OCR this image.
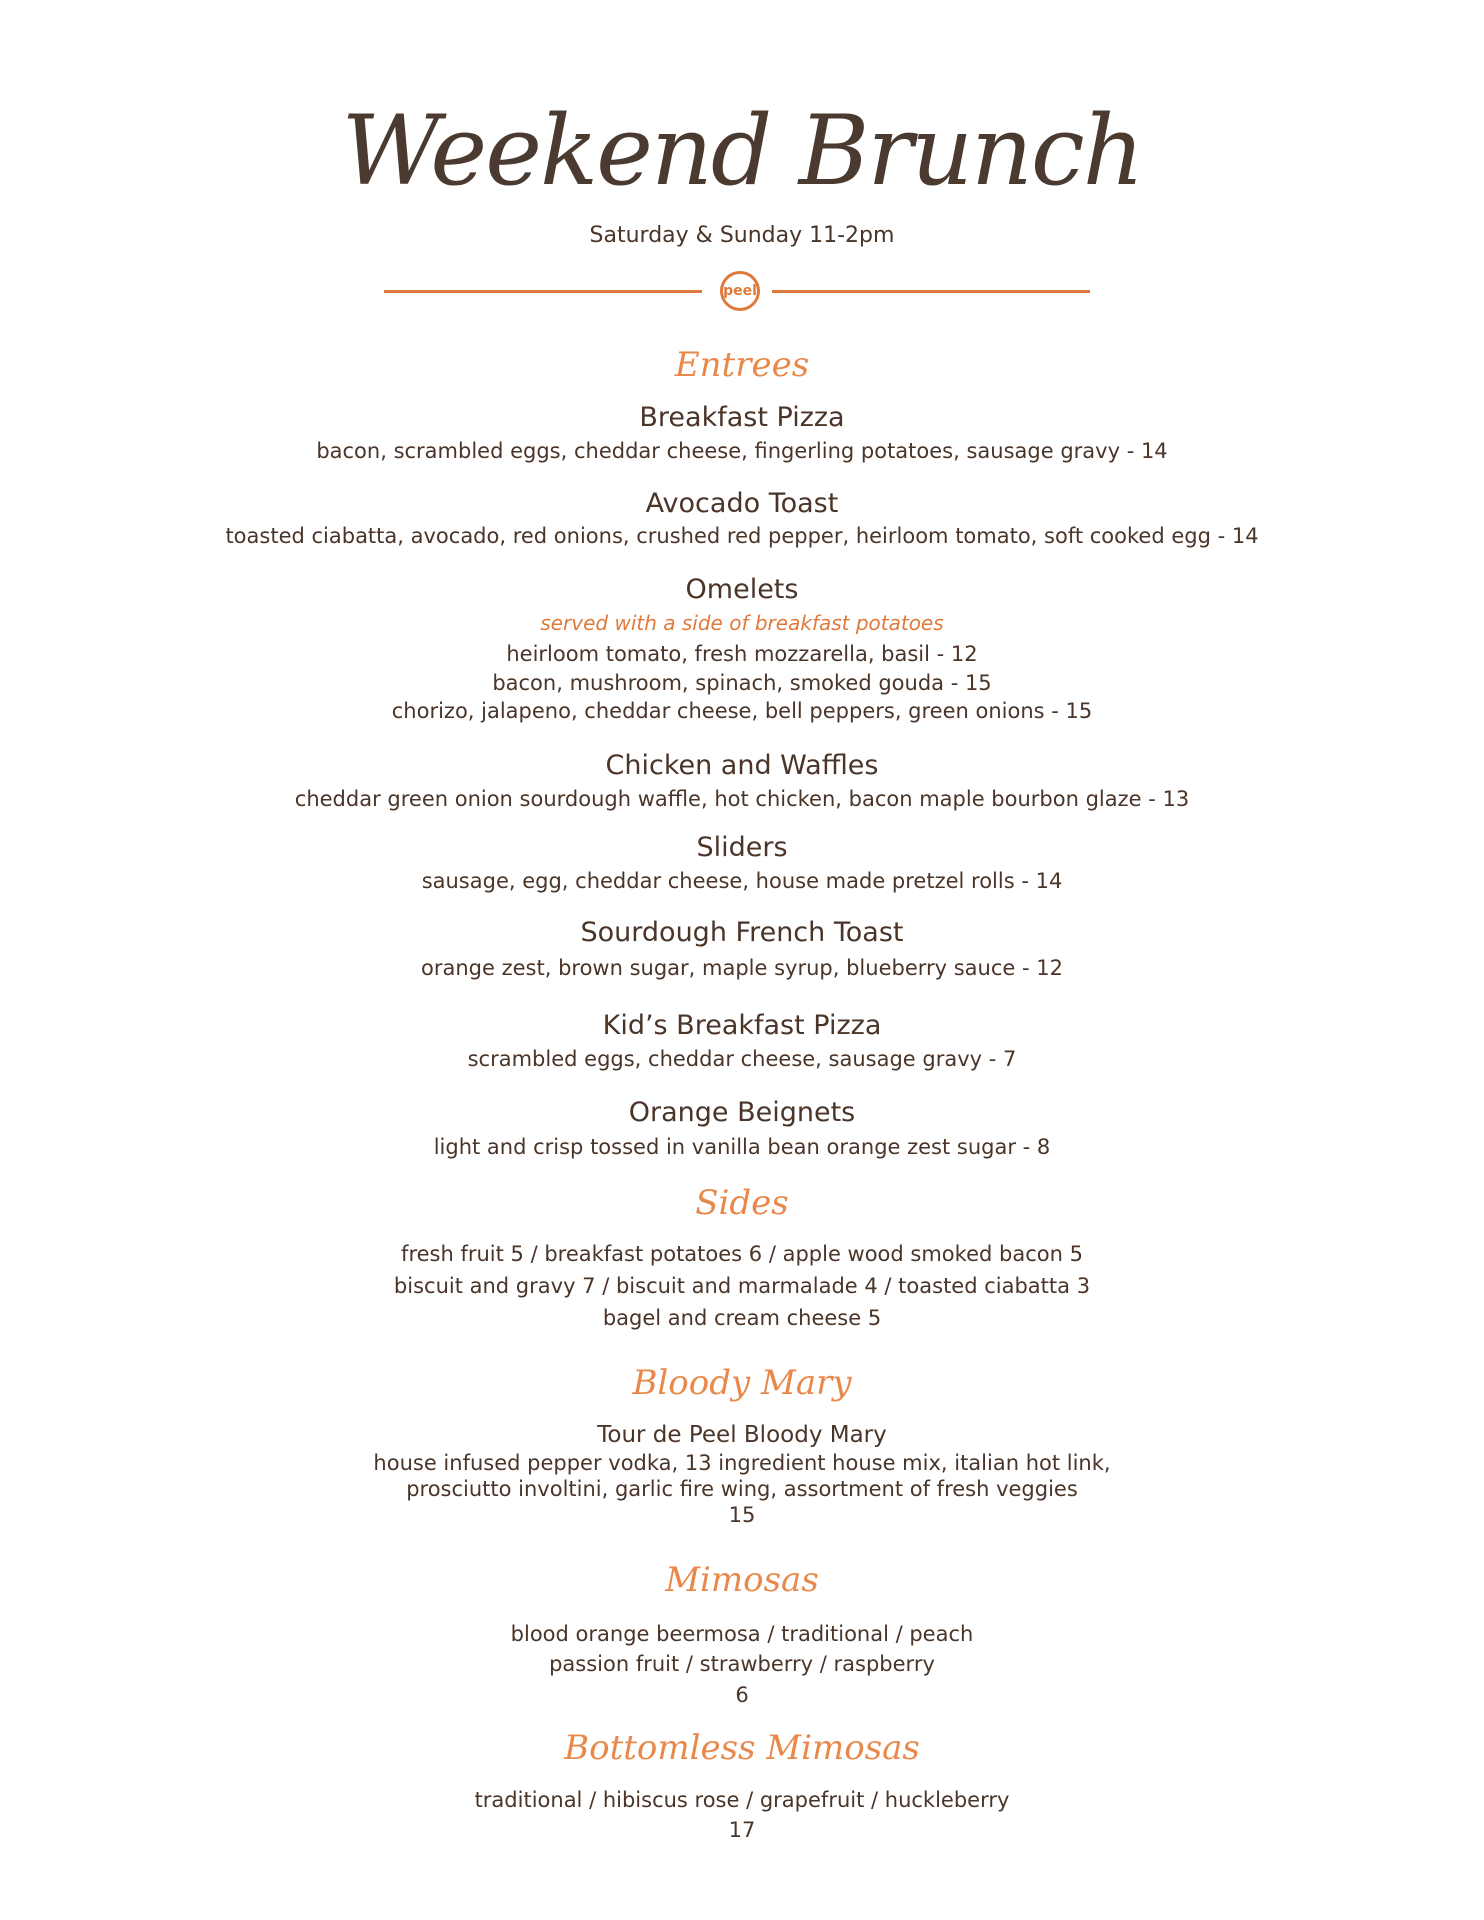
Weekend Brunch
Saturday & Sunday 11-2pm
peel
Entrees
Breakfast Pizza
bacon, scrambled eggs, cheddar cheese, fingerling potatoes, sausage gravy - 14
Avocado Toast
toasted ciabatta, avocado, red onions, crushed red pepper, heirloom tomato, soft cooked egg - 14
Omelets
served with a side of breakfast potatoes
heirloom tomato, fresh mozzarella, basil - 12
bacon, mushroom, spinach, smoked gouda - 15
chorizo, jalapeno, cheddar cheese, bell peppers, green onions - 15
Chicken and Waffles
cheddar green onion sourdough waffle, hot chicken, bacon maple bourbon glaze - 13
Sliders
sausage, egg, cheddar cheese, house made pretzel rolls - 14
Sourdough French Toast
orange zest, brown sugar, maple syrup, blueberry sauce - 12
Kid’s Breakfast Pizza
scrambled eggs, cheddar cheese, sausage gravy - 7
Orange Beignets
light and crisp tossed in vanilla bean orange zest sugar - 8
Sides
fresh fruit 5 / breakfast potatoes 6 / apple wood smoked bacon 5
biscuit and gravy 7 / biscuit and marmalade 4 / toasted ciabatta 3
bagel and cream cheese 5
Bloody Mary
Tour de Peel Bloody Mary
house infused pepper vodka, 13 ingredient house mix, italian hot link,
prosciutto involtini, garlic fire wing, assortment of fresh veggies
15
Mimosas
blood orange beermosa / traditional / peach
passion fruit / strawberry / raspberry
6
Bottomless Mimosas
traditional / hibiscus rose / grapefruit / huckleberry
17
